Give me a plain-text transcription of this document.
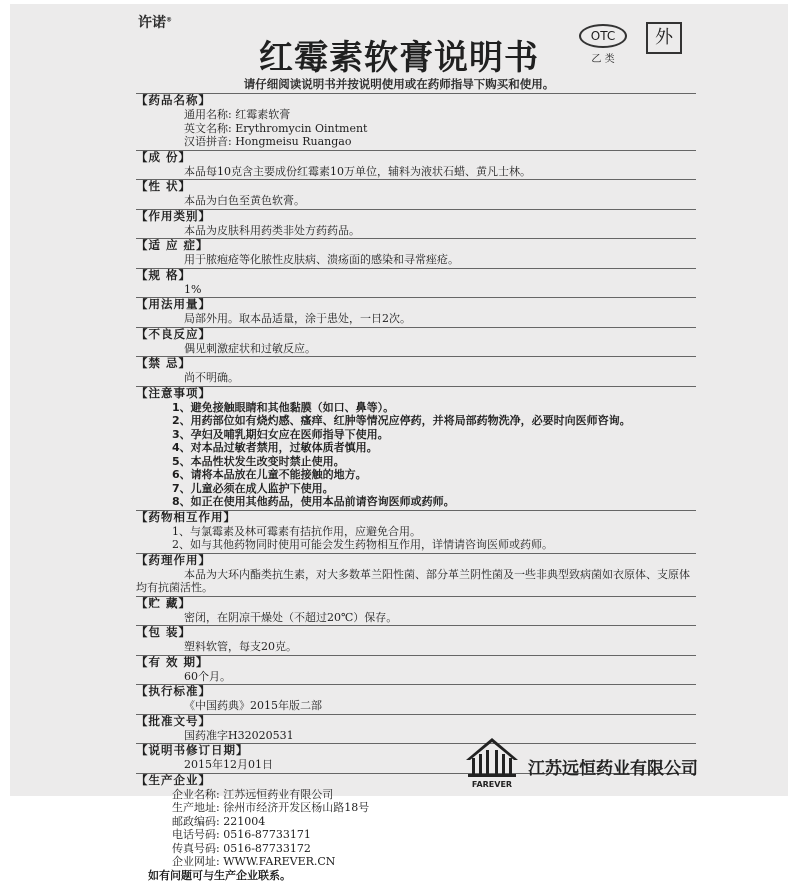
许诺®
红霉素软膏说明书
请仔细阅读说明书并按说明使用或在药师指导下购买和使用。
OTC
乙 类
外
【药品名称】
通用名称: 红霉素软膏
英文名称: Erythromycin Ointment
汉语拼音: Hongmeisu Ruangao
【成 份】
本品每10克含主要成份红霉素10万单位，辅料为液状石蜡、黄凡士林。
【性 状】
本品为白色至黄色软膏。
【作用类别】
本品为皮肤科用药类非处方药药品。
【适 应 症】
用于脓疱疮等化脓性皮肤病、溃疡面的感染和寻常痤疮。
【规 格】
1%
【用法用量】
局部外用。取本品适量，涂于患处，一日2次。
【不良反应】
偶见刺激症状和过敏反应。
【禁 忌】
尚不明确。
【注意事项】
1、避免接触眼睛和其他黏膜（如口、鼻等）。
2、用药部位如有烧灼感、瘙痒、红肿等情况应停药，并将局部药物洗净，必要时向医师咨询。
3、孕妇及哺乳期妇女应在医师指导下使用。
4、对本品过敏者禁用，过敏体质者慎用。
5、本品性状发生改变时禁止使用。
6、请将本品放在儿童不能接触的地方。
7、儿童必须在成人监护下使用。
8、如正在使用其他药品，使用本品前请咨询医师或药师。
【药物相互作用】
1、与氯霉素及林可霉素有拮抗作用，应避免合用。
2、如与其他药物同时使用可能会发生药物相互作用，详情请咨询医师或药师。
【药理作用】
本品为大环内酯类抗生素，对大多数革兰阳性菌、部分革兰阴性菌及一些非典型致病菌如衣原体、支原体均有抗菌活性。
【贮 藏】
密闭，在阴凉干燥处（不超过20℃）保存。
【包 装】
塑料软管，每支20克。
【有 效 期】
60个月。
【执行标准】
《中国药典》2015年版二部
【批准文号】
国药准字H32020531
【说明书修订日期】
2015年12月01日
【生产企业】
企业名称: 江苏远恒药业有限公司
生产地址: 徐州市经济开发区杨山路18号
邮政编码: 221004
电话号码: 0516-87733171
传真号码: 0516-87733172
企业网址: WWW.FAREVER.CN
如有问题可与生产企业联系。
FAREVER
江苏远恒药业有限公司
